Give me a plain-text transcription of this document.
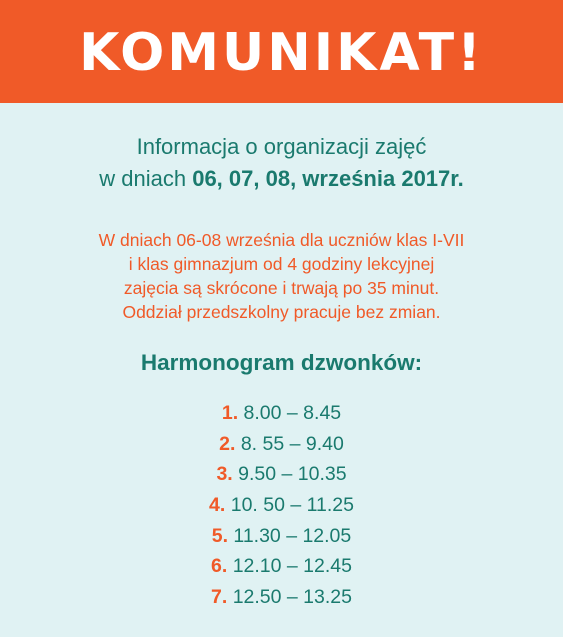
KOMUNIKAT!
Informacja o organizacji zajęć
w dniach 06, 07, 08, września 2017r.
W dniach 06-08 września dla uczniów klas I-VII
i klas gimnazjum od 4 godziny lekcyjnej
zajęcia są skrócone i trwają po 35 minut.
Oddział przedszkolny pracuje bez zmian.
Harmonogram dzwonków:
1. 8.00 – 8.45
2. 8. 55 – 9.40
3. 9.50 – 10.35
4. 10. 50 – 11.25
5. 11.30 – 12.05
6. 12.10 – 12.45
7. 12.50 – 13.25
